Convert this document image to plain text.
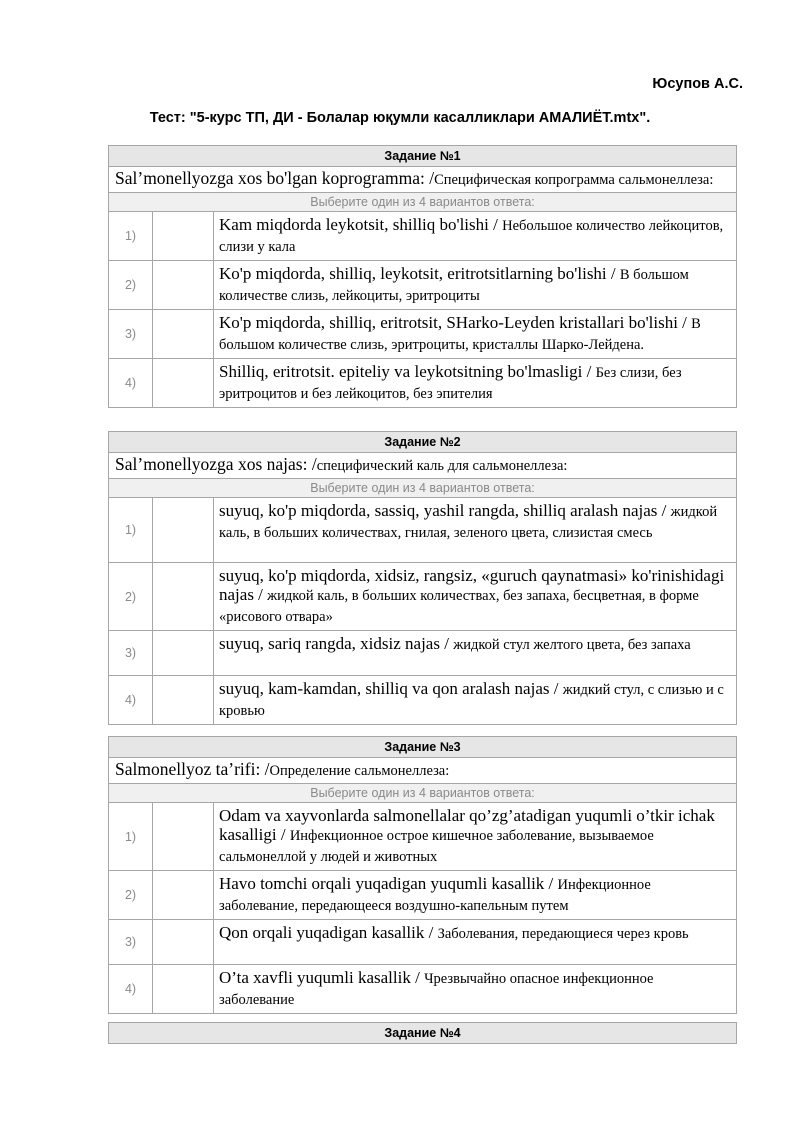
Юсупов А.С.
Тест: "5-курс ТП, ДИ - Болалар юқумли касалликлари АМАЛИЁТ.mtx".
Задание №1		
Sal’monellyozga xos bo'lgan koprogramma: /Специфическая копрограмма сальмонеллеза:		
Выберите один из 4 вариантов ответа:		
1)		Kam miqdorda leykotsit, shilliq bo'lishi / Небольшое количество лейкоцитов, слизи у кала
2)		Ko'p miqdorda, shilliq, leykotsit, eritrotsitlarning bo'lishi / В большом количестве слизь, лейкоциты, эритроциты
3)		Ko'p miqdorda, shilliq, eritrotsit, SHarko-Leyden kristallari bo'lishi / В большом количестве слизь, эритроциты, кристаллы Шарко-Лейдена.
4)		Shilliq, eritrotsit. epiteliy va leykotsitning bo'lmasligi / Без слизи, без эритроцитов и без лейкоцитов, без эпителия
Задание №2		
Sal’monellyozga xos najas: /специфический каль для сальмонеллеза:		
Выберите один из 4 вариантов ответа:		
1)		suyuq, ko'p miqdorda, sassiq, yashil rangda, shilliq aralash najas / жидкой каль, в больших количествах, гнилая, зеленого цвета, слизистая смесь
2)		suyuq, ko'p miqdorda, xidsiz, rangsiz, «guruch qaynatmasi» ko'rinishidagi najas / жидкой каль, в больших количествах, без запаха, бесцветная, в форме «рисового отвара»
3)		suyuq, sariq rangda, xidsiz najas / жидкой стул желтого цвета, без запаха
4)		suyuq, kam-kamdan, shilliq va qon aralash najas / жидкий стул, с слизью и с кровью
Задание №3		
Salmonellyoz ta’rifi: /Определение сальмонеллеза:		
Выберите один из 4 вариантов ответа:		
1)		Odam va xayvonlarda salmonellalar qo’zg’atadigan yuqumli o’tkir ichak kasalligi / Инфекционное острое кишечное заболевание, вызываемое сальмонеллой у людей и животных
2)		Havo tomchi orqali yuqadigan yuqumli kasallik / Инфекционное заболевание, передающееся воздушно-капельным путем
3)		Qon orqali yuqadigan kasallik / Заболевания, передающиеся через кровь
4)		O’ta xavfli yuqumli kasallik / Чрезвычайно опасное инфекционное заболевание
Задание №4
